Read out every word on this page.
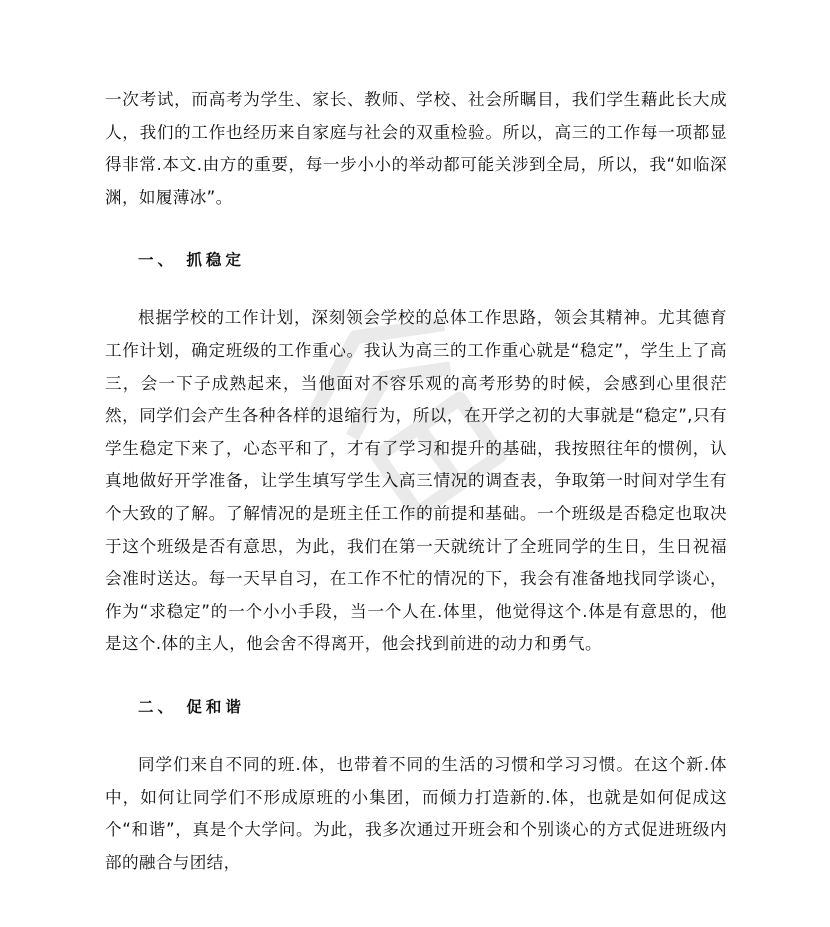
一次考试，而高考为学生、家长、教师、学校、社会所瞩目，我们学生藉此长大成人，我们的工作也经历来自家庭与社会的双重检验。所以，高三的工作每一项都显得非常.本文.由方的重要，每一步小小的举动都可能关涉到全局，所以，我“如临深渊，如履薄冰”。

一、 抓稳定

根据学校的工作计划，深刻领会学校的总体工作思路，领会其精神。尤其德育工作计划，确定班级的工作重心。我认为高三的工作重心就是“稳定”，学生上了高三，会一下子成熟起来，当他面对不容乐观的高考形势的时候，会感到心里很茫然，同学们会产生各种各样的退缩行为，所以，在开学之初的大事就是“稳定”,只有学生稳定下来了，心态平和了，才有了学习和提升的基础，我按照往年的惯例，认真地做好开学准备，让学生填写学生入高三情况的调查表，争取第一时间对学生有个大致的了解。了解情况的是班主任工作的前提和基础。一个班级是否稳定也取决于这个班级是否有意思，为此，我们在第一天就统计了全班同学的生日，生日祝福会准时送达。每一天早自习，在工作不忙的情况的下，我会有准备地找同学谈心，作为“求稳定”的一个小小手段，当一个人在.体里，他觉得这个.体是有意思的，他是这个.体的主人，他会舍不得离开，他会找到前进的动力和勇气。

二、 促和谐

同学们来自不同的班.体，也带着不同的生活的习惯和学习习惯。在这个新.体中，如何让同学们不形成原班的小集团，而倾力打造新的.体，也就是如何促成这个“和谐”，真是个大学问。为此，我多次通过开班会和个别谈心的方式促进班级内部的融合与团结，
